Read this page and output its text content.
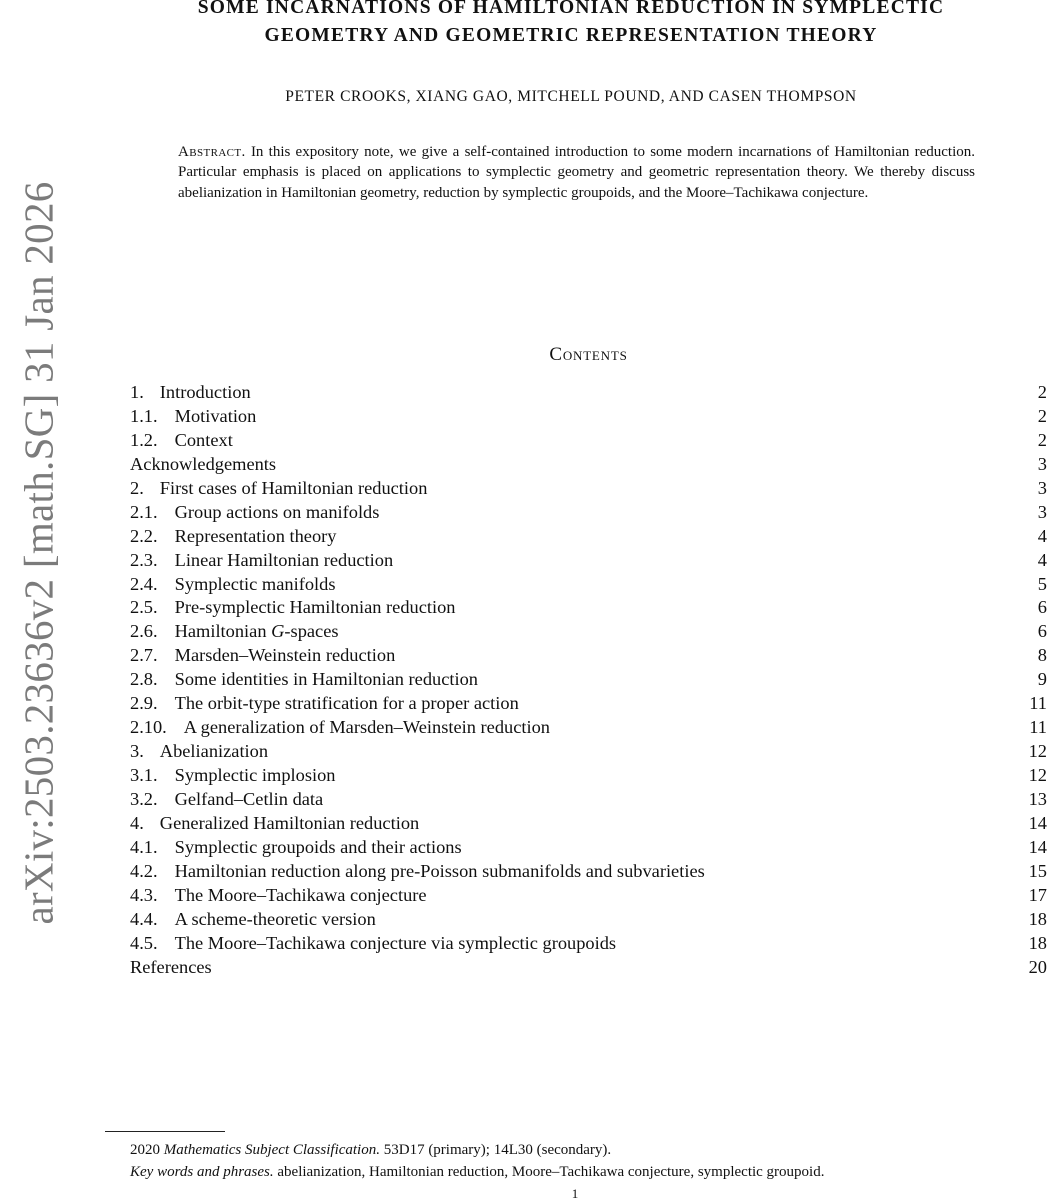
arXiv:2503.23636v2 [math.SG] 31 Jan 2026
SOME INCARNATIONS OF HAMILTONIAN REDUCTION IN SYMPLECTIC
GEOMETRY AND GEOMETRIC REPRESENTATION THEORY
PETER CROOKS, XIANG GAO, MITCHELL POUND, AND CASEN THOMPSON
Abstract. In this expository note, we give a self-contained introduction to some modern incarnations of Hamiltonian reduction. Particular emphasis is placed on applications to symplectic geometry and geometric representation theory. We thereby discuss abelianization in Hamiltonian geometry, reduction by symplectic groupoids, and the Moore–Tachikawa conjecture.
Contents
1. Introduction	2
1.1. Motivation	2
1.2. Context	2
Acknowledgements	3
2. First cases of Hamiltonian reduction	3
2.1. Group actions on manifolds	3
2.2. Representation theory	4
2.3. Linear Hamiltonian reduction	4
2.4. Symplectic manifolds	5
2.5. Pre-symplectic Hamiltonian reduction	6
2.6. Hamiltonian G-spaces	6
2.7. Marsden–Weinstein reduction	8
2.8. Some identities in Hamiltonian reduction	9
2.9. The orbit-type stratification for a proper action	11
2.10. A generalization of Marsden–Weinstein reduction	11
3. Abelianization	12
3.1. Symplectic implosion	12
3.2. Gelfand–Cetlin data	13
4. Generalized Hamiltonian reduction	14
4.1. Symplectic groupoids and their actions	14
4.2. Hamiltonian reduction along pre-Poisson submanifolds and subvarieties	15
4.3. The Moore–Tachikawa conjecture	17
4.4. A scheme-theoretic version	18
4.5. The Moore–Tachikawa conjecture via symplectic groupoids	18
References	20
2020 Mathematics Subject Classification. 53D17 (primary); 14L30 (secondary).
Key words and phrases. abelianization, Hamiltonian reduction, Moore–Tachikawa conjecture, symplectic groupoid.
1
